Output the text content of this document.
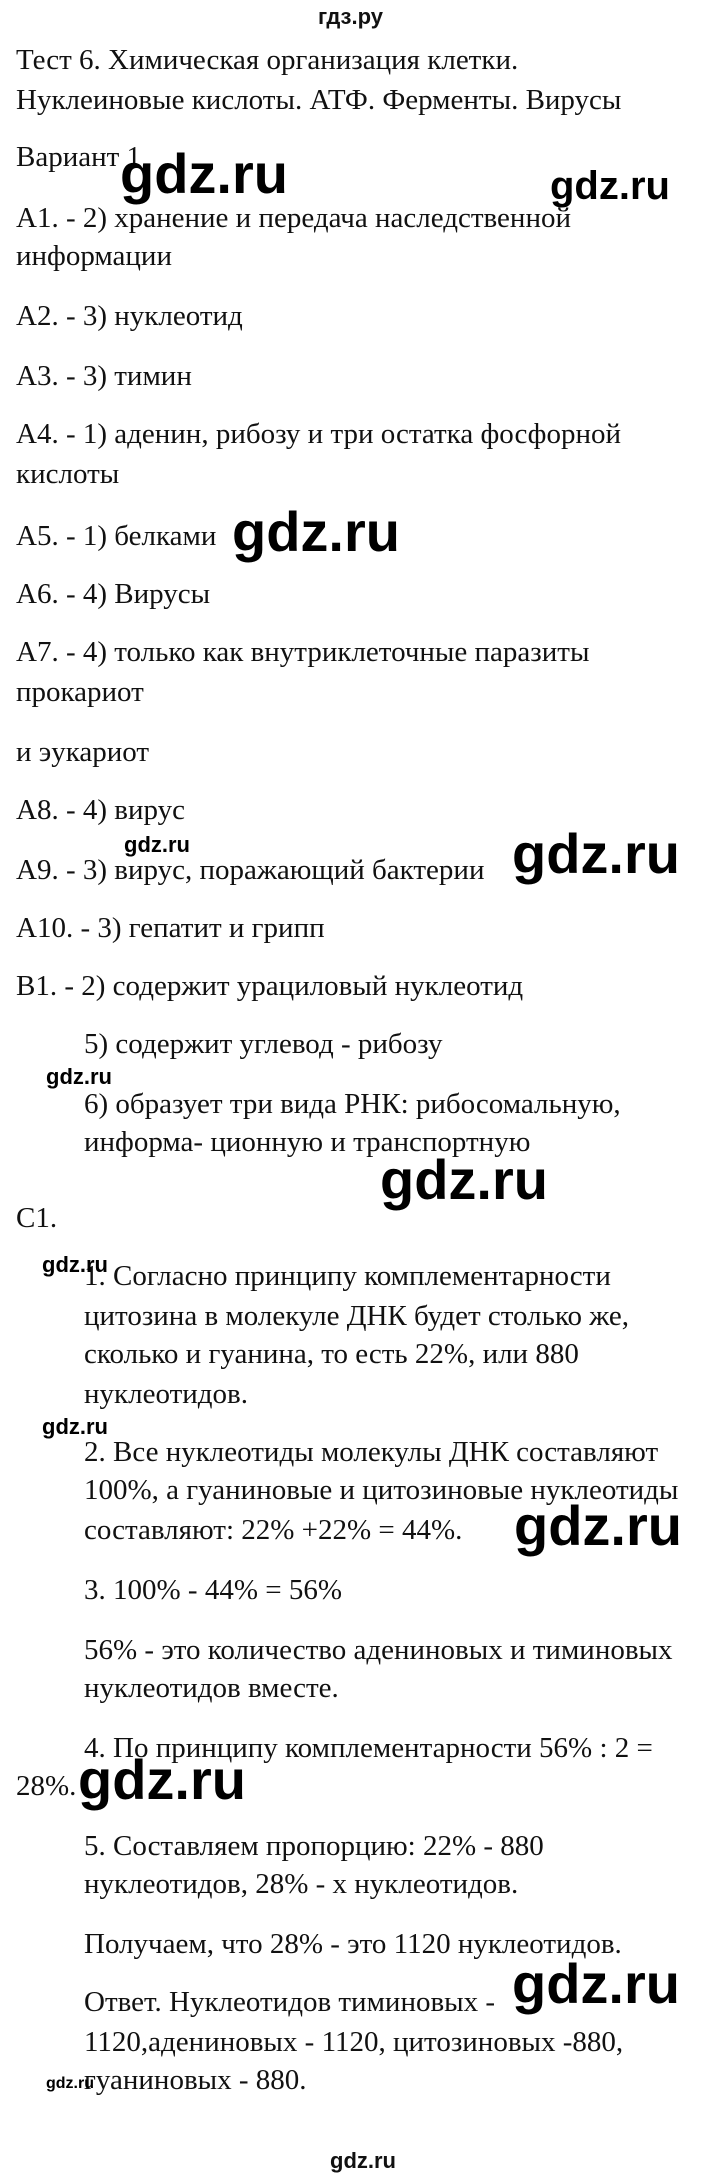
гдз.ру
Тест 6. Химическая организация клетки.
Нуклеиновые кислоты. АТФ. Ферменты. Вирусы
Вариант 1
А1. - 2) хранение и передача наследственной
информации
А2. - 3) нуклеотид
А3. - 3) тимин
А4. - 1) аденин, рибозу и три остатка фосфорной
кислоты
А5. - 1) белками
А6. - 4) Вирусы
А7. - 4) только как внутриклеточные паразиты
прокариот
и эукариот
А8. - 4) вирус
А9. - 3) вирус, поражающий бактерии
А10. - 3) гепатит и грипп
В1. - 2) содержит урациловый нуклеотид
5) содержит углевод - рибозу
6) образует три вида РНК: рибосомальную,
информа- ционную и транспортную
С1.
1. Согласно принципу комплементарности
цитозина в молекуле ДНК будет столько же,
сколько и гуанина, то есть 22%, или 880
нуклеотидов.
2. Все нуклеотиды молекулы ДНК составляют
100%, а гуаниновые и цитозиновые нуклеотиды
составляют: 22% +22% = 44%.
3. 100% - 44% = 56%
56% - это количество адениновых и тиминовых
нуклеотидов вместе.
4. По принципу комплементарности 56% : 2 =
28%.
5. Составляем пропорцию: 22% - 880
нуклеотидов, 28% - х нуклеотидов.
Получаем, что 28% - это 1120 нуклеотидов.
Ответ. Нуклеотидов тиминовых -
1120,адениновых - 1120, цитозиновых -880,
гуаниновых - 880.
gdz.ru	gdz.ru
gdz.ru
gdz.ru	gdz.ru
gdz.ru
gdz.ru
gdz.ru
gdz.ru
gdz.ru
gdz.ru
gdz.ru
gdz.ru
gdz.ru
